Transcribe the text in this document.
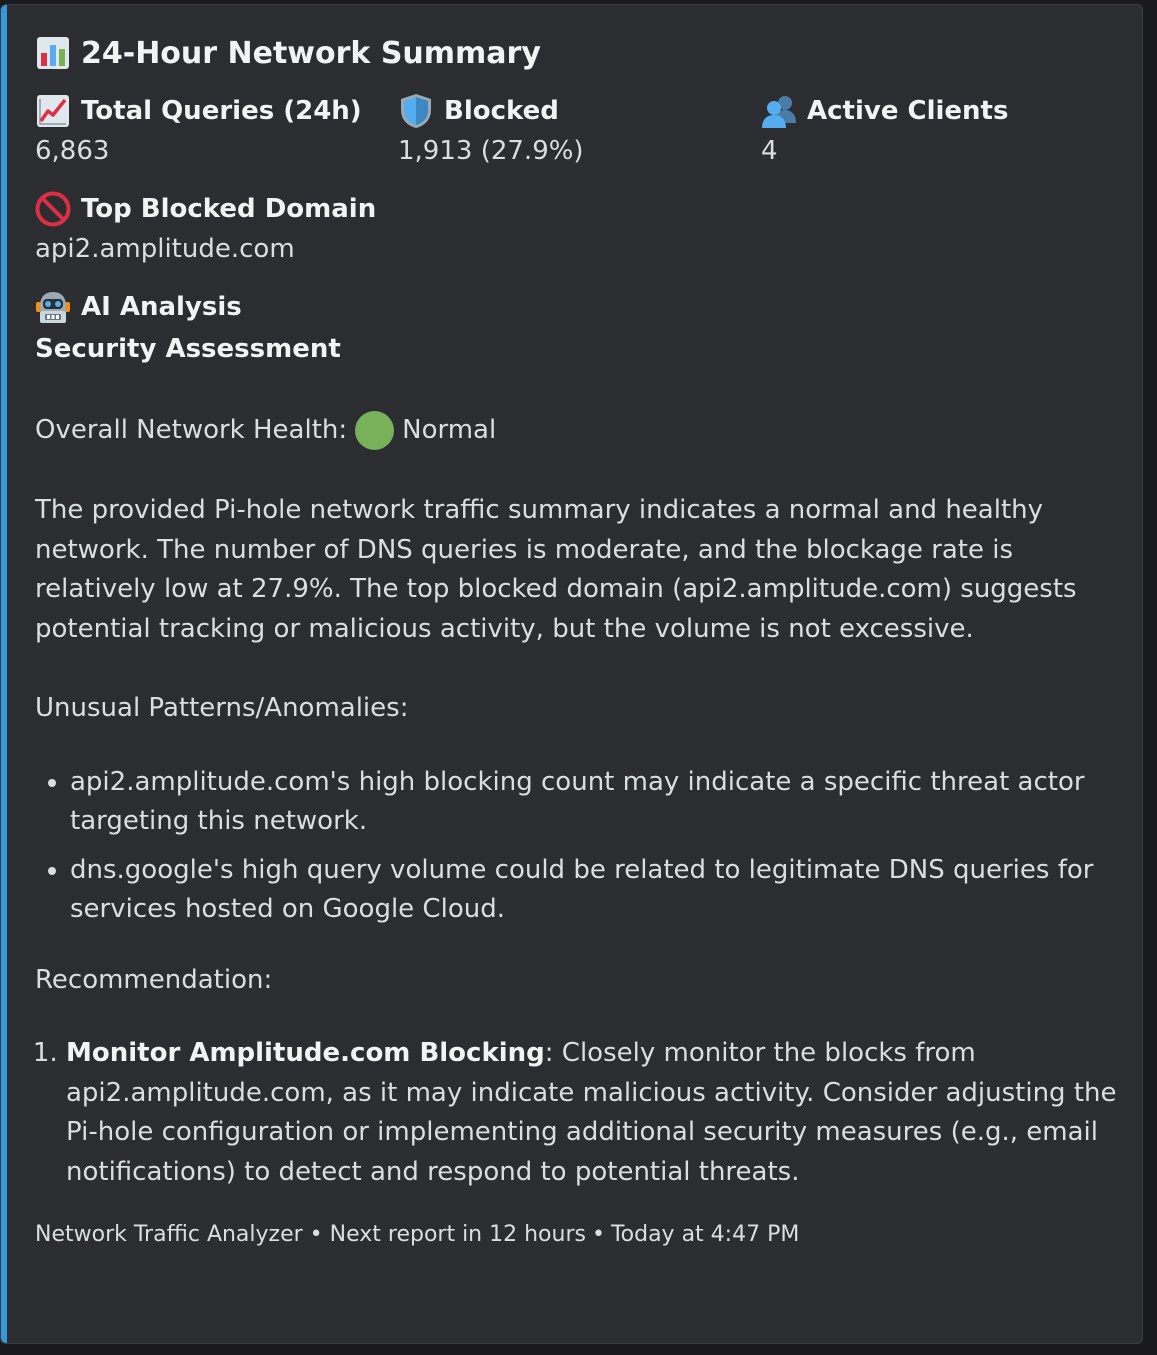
24-Hour Network Summary
Total Queries (24h)
6,863
Blocked
1,913 (27.9%)
Active Clients
4
Top Blocked Domain
api2.amplitude.com
AI Analysis
Security Assessment
Overall Network Health: Normal
The provided Pi-hole network traffic summary indicates a normal and healthy network. The number of DNS queries is moderate, and the blockage rate is relatively low at 27.9%. The top blocked domain (api2.amplitude.com) suggests potential tracking or malicious activity, but the volume is not excessive.
Unusual Patterns/Anomalies:
• api2.amplitude.com's high blocking count may indicate a specific threat actor targeting this network.
• dns.google's high query volume could be related to legitimate DNS queries for services hosted on Google Cloud.
Recommendation:
1. Monitor Amplitude.com Blocking: Closely monitor the blocks from api2.amplitude.com, as it may indicate malicious activity. Consider adjusting the Pi-hole configuration or implementing additional security measures (e.g., email notifications) to detect and respond to potential threats.
Network Traffic Analyzer • Next report in 12 hours • Today at 4:47 PM
